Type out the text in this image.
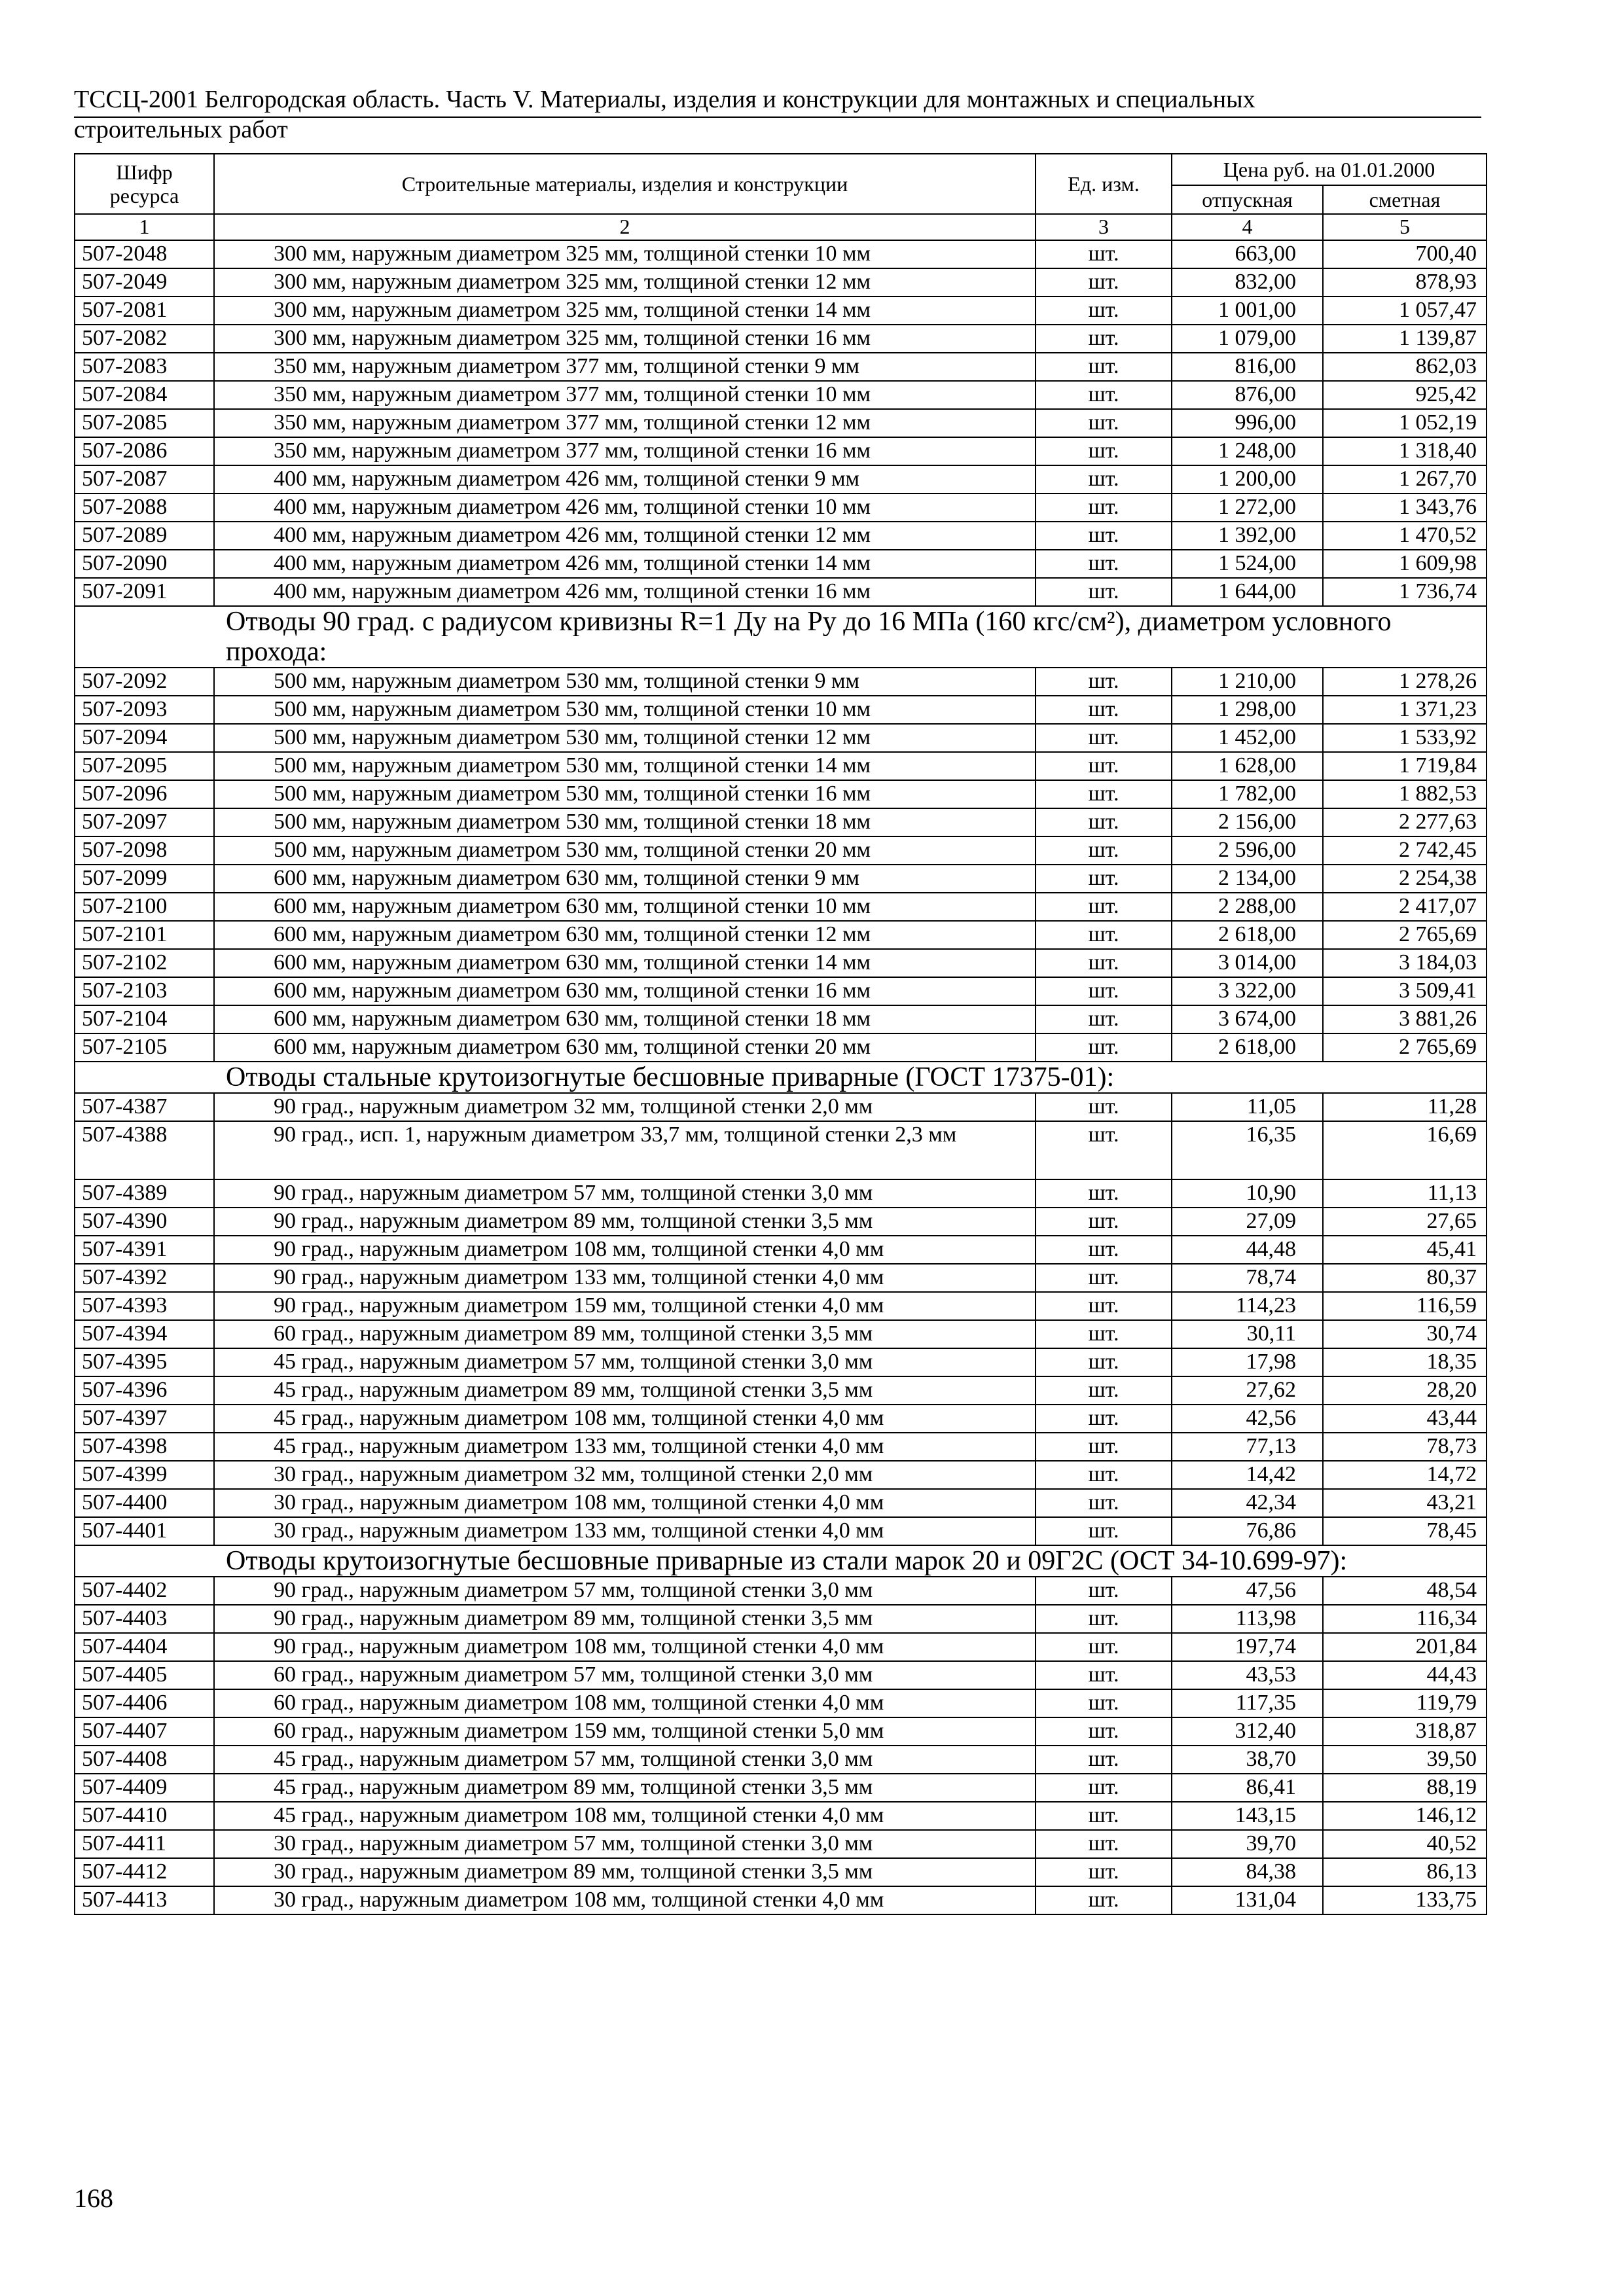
ТССЦ-2001 Белгородская область. Часть V. Материалы, изделия и конструкции для монтажных и специальных
строительных работ
Шифр ресурса	Строительные материалы, изделия и конструкции	Ед. изм.	Цена руб. на 01.01.2000	
			отпускная	сметная
1	2	3	4	5
507-2048	300 мм, наружным диаметром 325 мм, толщиной стенки 10 мм	шт.	663,00	700,40
507-2049	300 мм, наружным диаметром 325 мм, толщиной стенки 12 мм	шт.	832,00	878,93
507-2081	300 мм, наружным диаметром 325 мм, толщиной стенки 14 мм	шт.	1 001,00	1 057,47
507-2082	300 мм, наружным диаметром 325 мм, толщиной стенки 16 мм	шт.	1 079,00	1 139,87
507-2083	350 мм, наружным диаметром 377 мм, толщиной стенки 9 мм	шт.	816,00	862,03
507-2084	350 мм, наружным диаметром 377 мм, толщиной стенки 10 мм	шт.	876,00	925,42
507-2085	350 мм, наружным диаметром 377 мм, толщиной стенки 12 мм	шт.	996,00	1 052,19
507-2086	350 мм, наружным диаметром 377 мм, толщиной стенки 16 мм	шт.	1 248,00	1 318,40
507-2087	400 мм, наружным диаметром 426 мм, толщиной стенки 9 мм	шт.	1 200,00	1 267,70
507-2088	400 мм, наружным диаметром 426 мм, толщиной стенки 10 мм	шт.	1 272,00	1 343,76
507-2089	400 мм, наружным диаметром 426 мм, толщиной стенки 12 мм	шт.	1 392,00	1 470,52
507-2090	400 мм, наружным диаметром 426 мм, толщиной стенки 14 мм	шт.	1 524,00	1 609,98
507-2091	400 мм, наружным диаметром 426 мм, толщиной стенки 16 мм	шт.	1 644,00	1 736,74
Отводы 90 град. с радиусом кривизны R=1 Ду на Ру до 16 МПа (160 кгс/см²), диаметром условного прохода:				
507-2092	500 мм, наружным диаметром 530 мм, толщиной стенки 9 мм	шт.	1 210,00	1 278,26
507-2093	500 мм, наружным диаметром 530 мм, толщиной стенки 10 мм	шт.	1 298,00	1 371,23
507-2094	500 мм, наружным диаметром 530 мм, толщиной стенки 12 мм	шт.	1 452,00	1 533,92
507-2095	500 мм, наружным диаметром 530 мм, толщиной стенки 14 мм	шт.	1 628,00	1 719,84
507-2096	500 мм, наружным диаметром 530 мм, толщиной стенки 16 мм	шт.	1 782,00	1 882,53
507-2097	500 мм, наружным диаметром 530 мм, толщиной стенки 18 мм	шт.	2 156,00	2 277,63
507-2098	500 мм, наружным диаметром 530 мм, толщиной стенки 20 мм	шт.	2 596,00	2 742,45
507-2099	600 мм, наружным диаметром 630 мм, толщиной стенки 9 мм	шт.	2 134,00	2 254,38
507-2100	600 мм, наружным диаметром 630 мм, толщиной стенки 10 мм	шт.	2 288,00	2 417,07
507-2101	600 мм, наружным диаметром 630 мм, толщиной стенки 12 мм	шт.	2 618,00	2 765,69
507-2102	600 мм, наружным диаметром 630 мм, толщиной стенки 14 мм	шт.	3 014,00	3 184,03
507-2103	600 мм, наружным диаметром 630 мм, толщиной стенки 16 мм	шт.	3 322,00	3 509,41
507-2104	600 мм, наружным диаметром 630 мм, толщиной стенки 18 мм	шт.	3 674,00	3 881,26
507-2105	600 мм, наружным диаметром 630 мм, толщиной стенки 20 мм	шт.	2 618,00	2 765,69
Отводы стальные крутоизогнутые бесшовные приварные (ГОСТ 17375-01):				
507-4387	90 град., наружным диаметром 32 мм, толщиной стенки 2,0 мм	шт.	11,05	11,28
507-4388	90 град., исп. 1, наружным диаметром 33,7 мм, толщиной стенки 2,3 мм	шт.	16,35	16,69
507-4389	90 град., наружным диаметром 57 мм, толщиной стенки 3,0 мм	шт.	10,90	11,13
507-4390	90 град., наружным диаметром 89 мм, толщиной стенки 3,5 мм	шт.	27,09	27,65
507-4391	90 град., наружным диаметром 108 мм, толщиной стенки 4,0 мм	шт.	44,48	45,41
507-4392	90 град., наружным диаметром 133 мм, толщиной стенки 4,0 мм	шт.	78,74	80,37
507-4393	90 град., наружным диаметром 159 мм, толщиной стенки 4,0 мм	шт.	114,23	116,59
507-4394	60 град., наружным диаметром 89 мм, толщиной стенки 3,5 мм	шт.	30,11	30,74
507-4395	45 град., наружным диаметром 57 мм, толщиной стенки 3,0 мм	шт.	17,98	18,35
507-4396	45 град., наружным диаметром 89 мм, толщиной стенки 3,5 мм	шт.	27,62	28,20
507-4397	45 град., наружным диаметром 108 мм, толщиной стенки 4,0 мм	шт.	42,56	43,44
507-4398	45 град., наружным диаметром 133 мм, толщиной стенки 4,0 мм	шт.	77,13	78,73
507-4399	30 град., наружным диаметром 32 мм, толщиной стенки 2,0 мм	шт.	14,42	14,72
507-4400	30 град., наружным диаметром 108 мм, толщиной стенки 4,0 мм	шт.	42,34	43,21
507-4401	30 град., наружным диаметром 133 мм, толщиной стенки 4,0 мм	шт.	76,86	78,45
Отводы крутоизогнутые бесшовные приварные из стали марок 20 и 09Г2С (ОСТ 34-10.699-97):				
507-4402	90 град., наружным диаметром 57 мм, толщиной стенки 3,0 мм	шт.	47,56	48,54
507-4403	90 град., наружным диаметром 89 мм, толщиной стенки 3,5 мм	шт.	113,98	116,34
507-4404	90 град., наружным диаметром 108 мм, толщиной стенки 4,0 мм	шт.	197,74	201,84
507-4405	60 град., наружным диаметром 57 мм, толщиной стенки 3,0 мм	шт.	43,53	44,43
507-4406	60 град., наружным диаметром 108 мм, толщиной стенки 4,0 мм	шт.	117,35	119,79
507-4407	60 град., наружным диаметром 159 мм, толщиной стенки 5,0 мм	шт.	312,40	318,87
507-4408	45 град., наружным диаметром 57 мм, толщиной стенки 3,0 мм	шт.	38,70	39,50
507-4409	45 град., наружным диаметром 89 мм, толщиной стенки 3,5 мм	шт.	86,41	88,19
507-4410	45 град., наружным диаметром 108 мм, толщиной стенки 4,0 мм	шт.	143,15	146,12
507-4411	30 град., наружным диаметром 57 мм, толщиной стенки 3,0 мм	шт.	39,70	40,52
507-4412	30 град., наружным диаметром 89 мм, толщиной стенки 3,5 мм	шт.	84,38	86,13
507-4413	30 град., наружным диаметром 108 мм, толщиной стенки 4,0 мм	шт.	131,04	133,75
168
